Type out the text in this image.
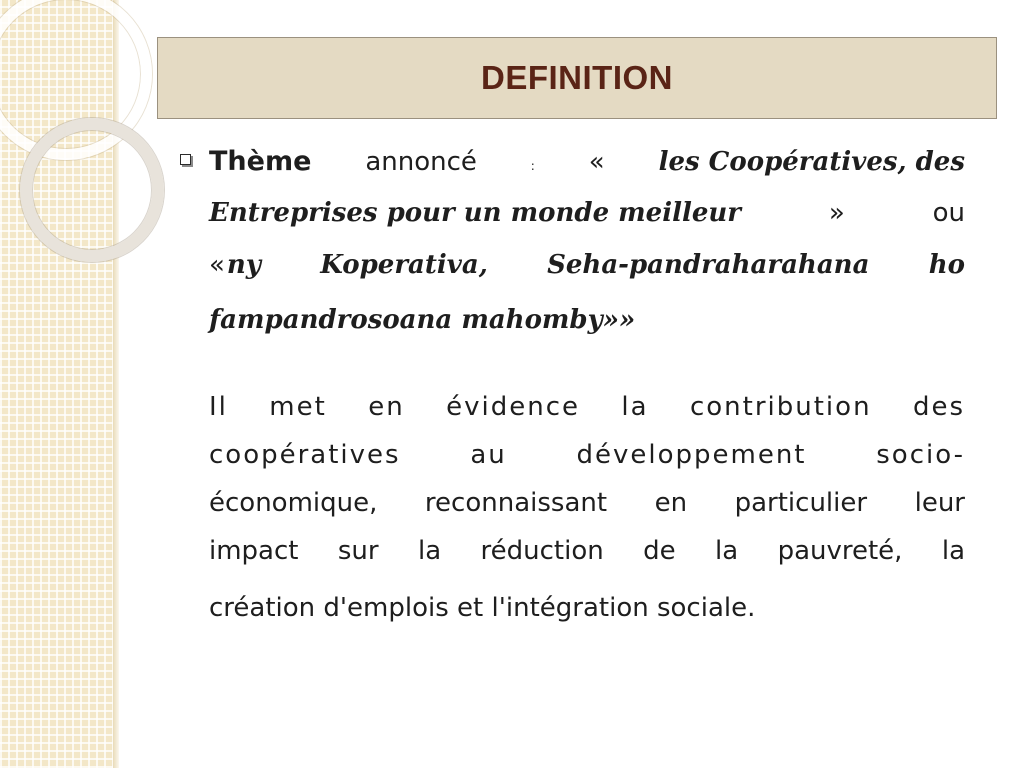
DEFINITION
Thème annoncé	: « les Coopératives, des
Entreprises pour un monde meilleur	»	ou
« ny Koperativa, Seha-pandraharahana ho
fampandrosoana mahomby»»
Il met en évidence la contribution des
coopératives au développement socio-
économique, reconnaissant en particulier leur
impact sur la réduction de la pauvreté, la
création d'emplois et l'intégration sociale.
